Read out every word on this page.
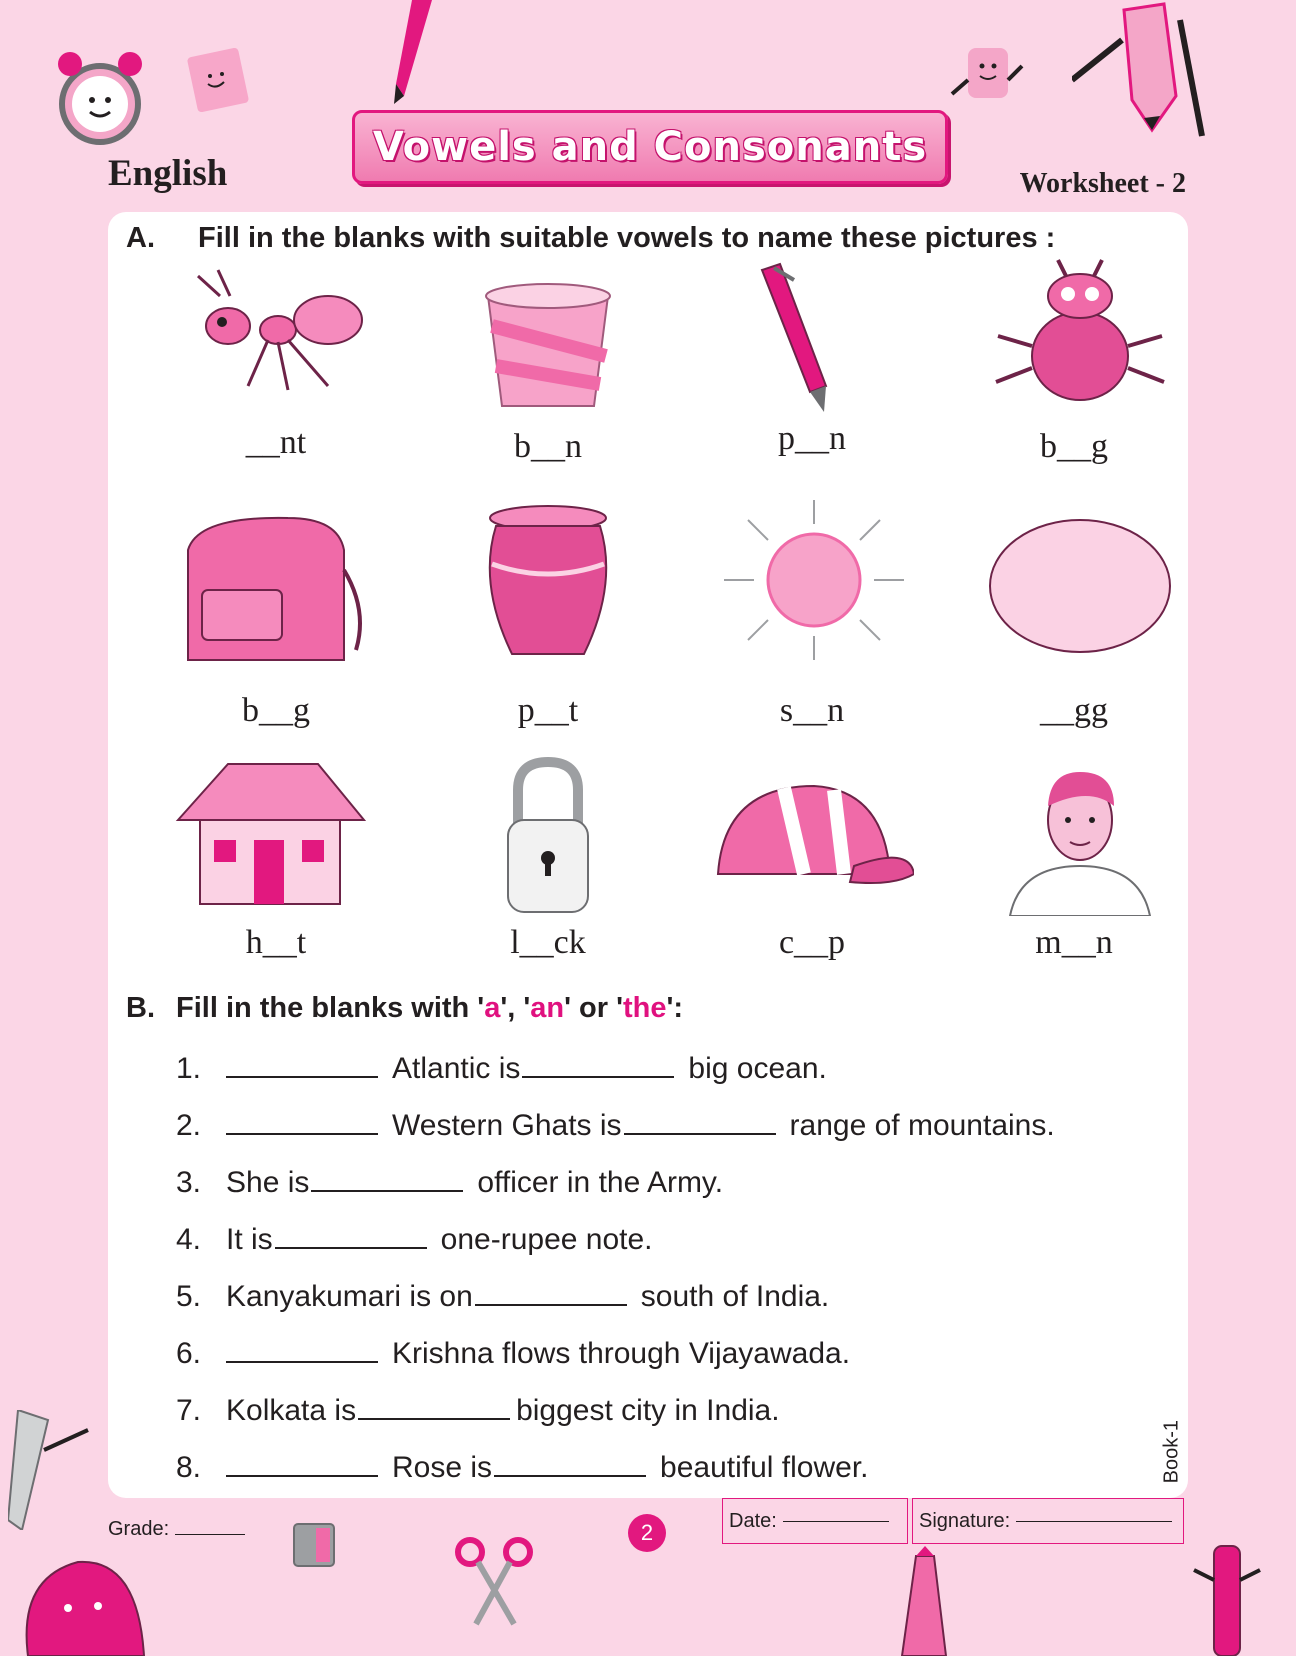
English
Vowels and Consonants
Worksheet - 2
A. Fill in the blanks with suitable vowels to name these pictures :
__nt	b__n	p__n	b__g
b__g	p__t	s__n	__gg
h__t	l__ck	c__p	m__n
B. Fill in the blanks with 'a', 'an' or 'the':
1.	Atlantic is	big ocean.
2.	Western Ghats is	range of mountains.
3. She is	officer in the Army.
4. It is	one-rupee note.
5. Kanyakumari is on	south of India.
6.	Krishna flows through Vijayawada.
7. Kolkata is	biggest city in India.
8.	Rose is	beautiful flower.	Book-1
Grade:	2	Date:	Signature:
